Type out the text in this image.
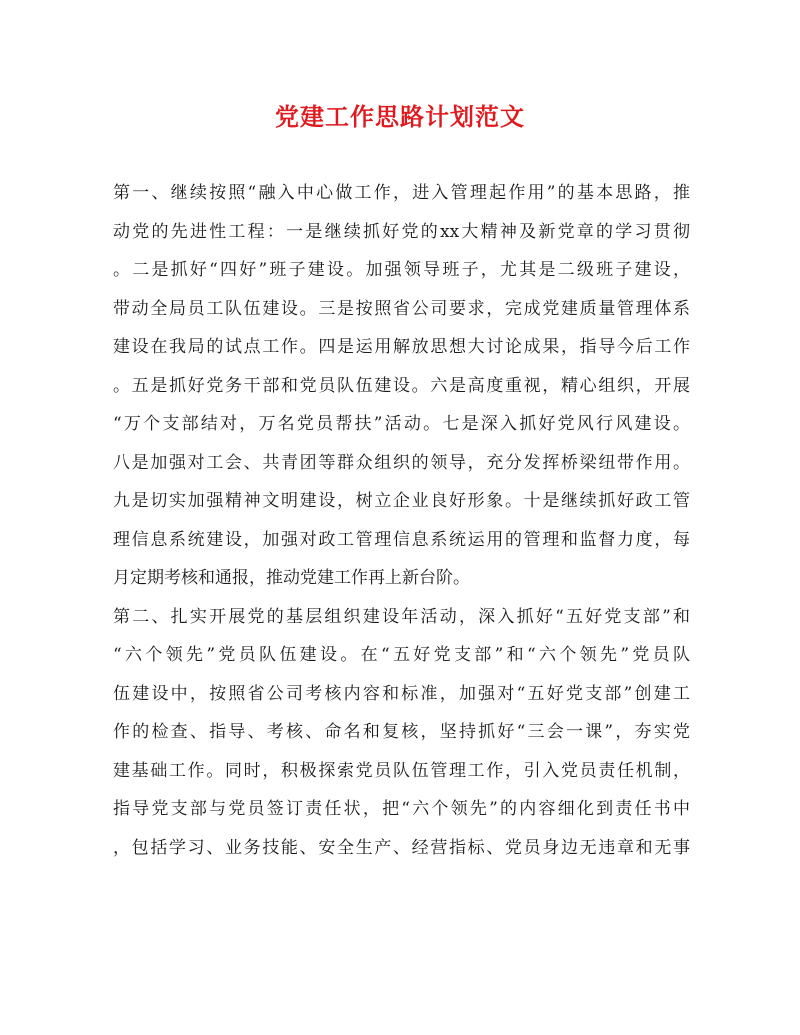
党建工作思路计划范文
第一、继续按照“融入中心做工作，进入管理起作用”的基本思路，推
动党的先进性工程：一是继续抓好党的xx大精神及新党章的学习贯彻
。二是抓好“四好”班子建设。加强领导班子，尤其是二级班子建设，
带动全局员工队伍建设。三是按照省公司要求，完成党建质量管理体系
建设在我局的试点工作。四是运用解放思想大讨论成果，指导今后工作
。五是抓好党务干部和党员队伍建设。六是高度重视，精心组织，开展
“万个支部结对，万名党员帮扶”活动。七是深入抓好党风行风建设。
八是加强对工会、共青团等群众组织的领导，充分发挥桥梁纽带作用。
九是切实加强精神文明建设，树立企业良好形象。十是继续抓好政工管
理信息系统建设，加强对政工管理信息系统运用的管理和监督力度，每
月定期考核和通报，推动党建工作再上新台阶。
第二、扎实开展党的基层组织建设年活动，深入抓好“五好党支部”和
“六个领先”党员队伍建设。在“五好党支部”和“六个领先”党员队
伍建设中，按照省公司考核内容和标准，加强对“五好党支部”创建工
作的检查、指导、考核、命名和复核，坚持抓好“三会一课”，夯实党
建基础工作。同时，积极探索党员队伍管理工作，引入党员责任机制，
指导党支部与党员签订责任状，把“六个领先”的内容细化到责任书中
，包括学习、业务技能、安全生产、经营指标、党员身边无违章和无事
